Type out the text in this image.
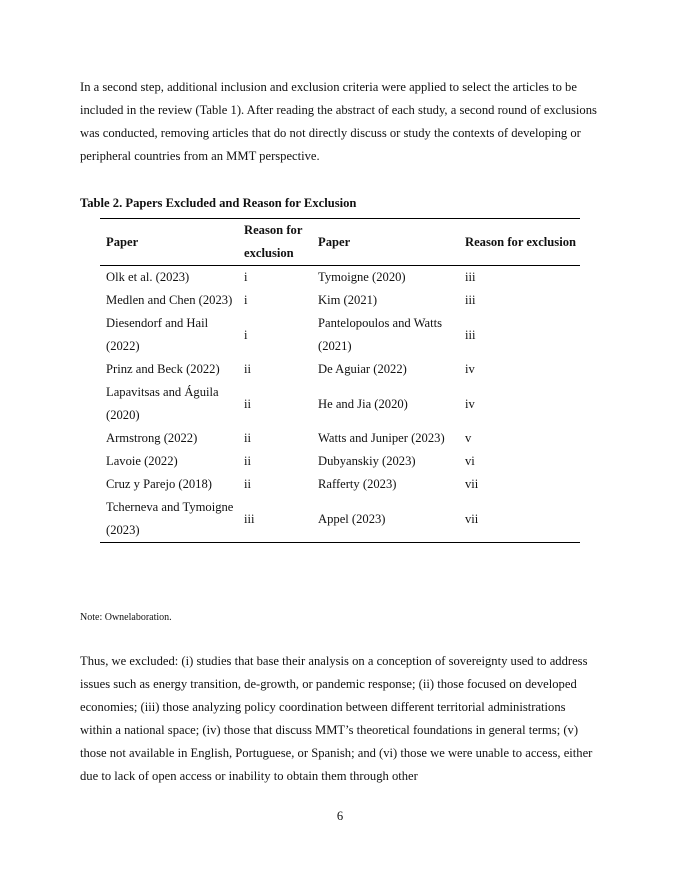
In a second step, additional inclusion and exclusion criteria were applied to select the articles to be included in the review (Table 1). After reading the abstract of each study, a second round of exclusions was conducted, removing articles that do not directly discuss or study the contexts of developing or peripheral countries from an MMT perspective.

Table 2. Papers Excluded and Reason for Exclusion

Paper	Reason for exclusion	Paper	Reason for exclusion
Olk et al. (2023)	i	Tymoigne (2020)	iii
Medlen and Chen (2023)	i	Kim (2021)	iii
Diesendorf and Hail (2022)	i	Pantelopoulos and Watts (2021)	iii
Prinz and Beck (2022)	ii	De Aguiar (2022)	iv
Lapavitsas and Águila (2020)	ii	He and Jia (2020)	iv
Armstrong (2022)	ii	Watts and Juniper (2023)	v
Lavoie (2022)	ii	Dubyanskiy (2023)	vi
Cruz y Parejo (2018)	ii	Rafferty (2023)	vii
Tcherneva and Tymoigne (2023)	iii	Appel (2023)	vii

Note: Ownelaboration.

Thus, we excluded: (i) studies that base their analysis on a conception of sovereignty used to address issues such as energy transition, de-growth, or pandemic response; (ii) those focused on developed economies; (iii) those analyzing policy coordination between different territorial administrations within a national space; (iv) those that discuss MMT’s theoretical foundations in general terms; (v) those not available in English, Portuguese, or Spanish; and (vi) those we were unable to access, either due to lack of open access or inability to obtain them through other

6
